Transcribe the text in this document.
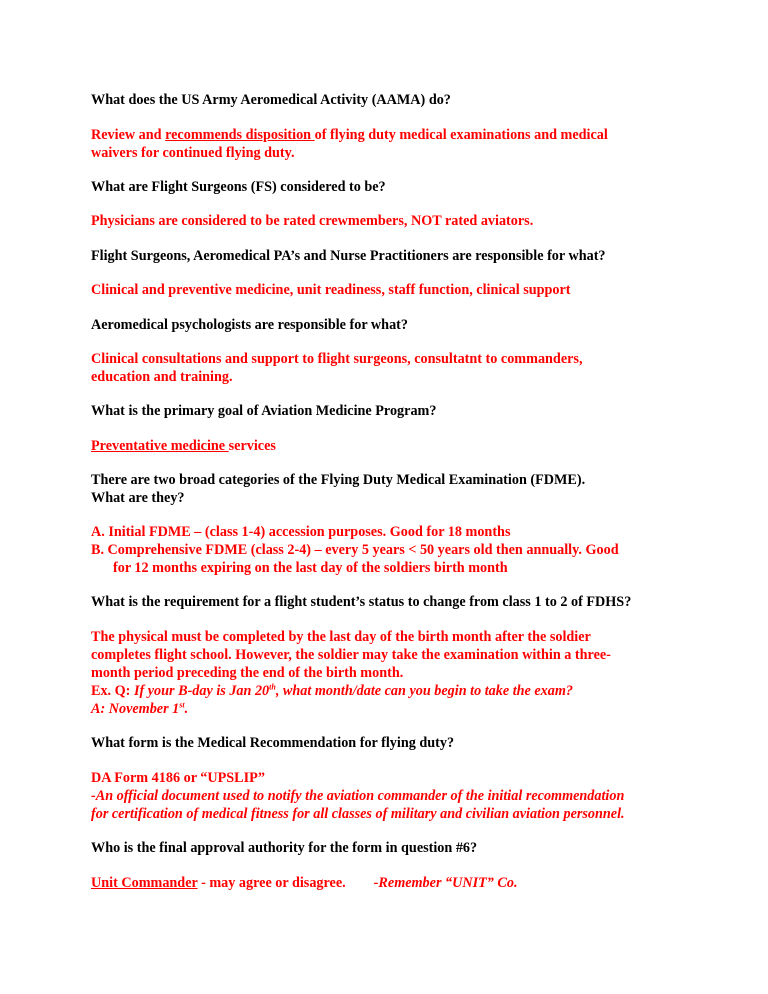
What does the US Army Aeromedical Activity (AAMA) do?
Review and recommends disposition of flying duty medical examinations and medical
waivers for continued flying duty.
What are Flight Surgeons (FS) considered to be?
Physicians are considered to be rated crewmembers, NOT rated aviators.
Flight Surgeons, Aeromedical PA’s and Nurse Practitioners are responsible for what?
Clinical and preventive medicine, unit readiness, staff function, clinical support
Aeromedical psychologists are responsible for what?
Clinical consultations and support to flight surgeons, consultatnt to commanders,
education and training.
What is the primary goal of Aviation Medicine Program?
Preventative medicine services
There are two broad categories of the Flying Duty Medical Examination (FDME).
What are they?
A. Initial FDME – (class 1-4) accession purposes. Good for 18 months
B. Comprehensive FDME (class 2-4) – every 5 years < 50 years old then annually. Good
for 12 months expiring on the last day of the soldiers birth month
What is the requirement for a flight student’s status to change from class 1 to 2 of FDHS?
The physical must be completed by the last day of the birth month after the soldier
completes flight school. However, the soldier may take the examination within a three-
month period preceding the end of the birth month.
Ex. Q: If your B-day is Jan 20th, what month/date can you begin to take the exam?
A: November 1st.
What form is the Medical Recommendation for flying duty?
DA Form 4186 or “UPSLIP”
-An official document used to notify the aviation commander of the initial recommendation
for certification of medical fitness for all classes of military and civilian aviation personnel.
Who is the final approval authority for the form in question #6?
Unit Commander - may agree or disagree. -Remember “UNIT” Co.
